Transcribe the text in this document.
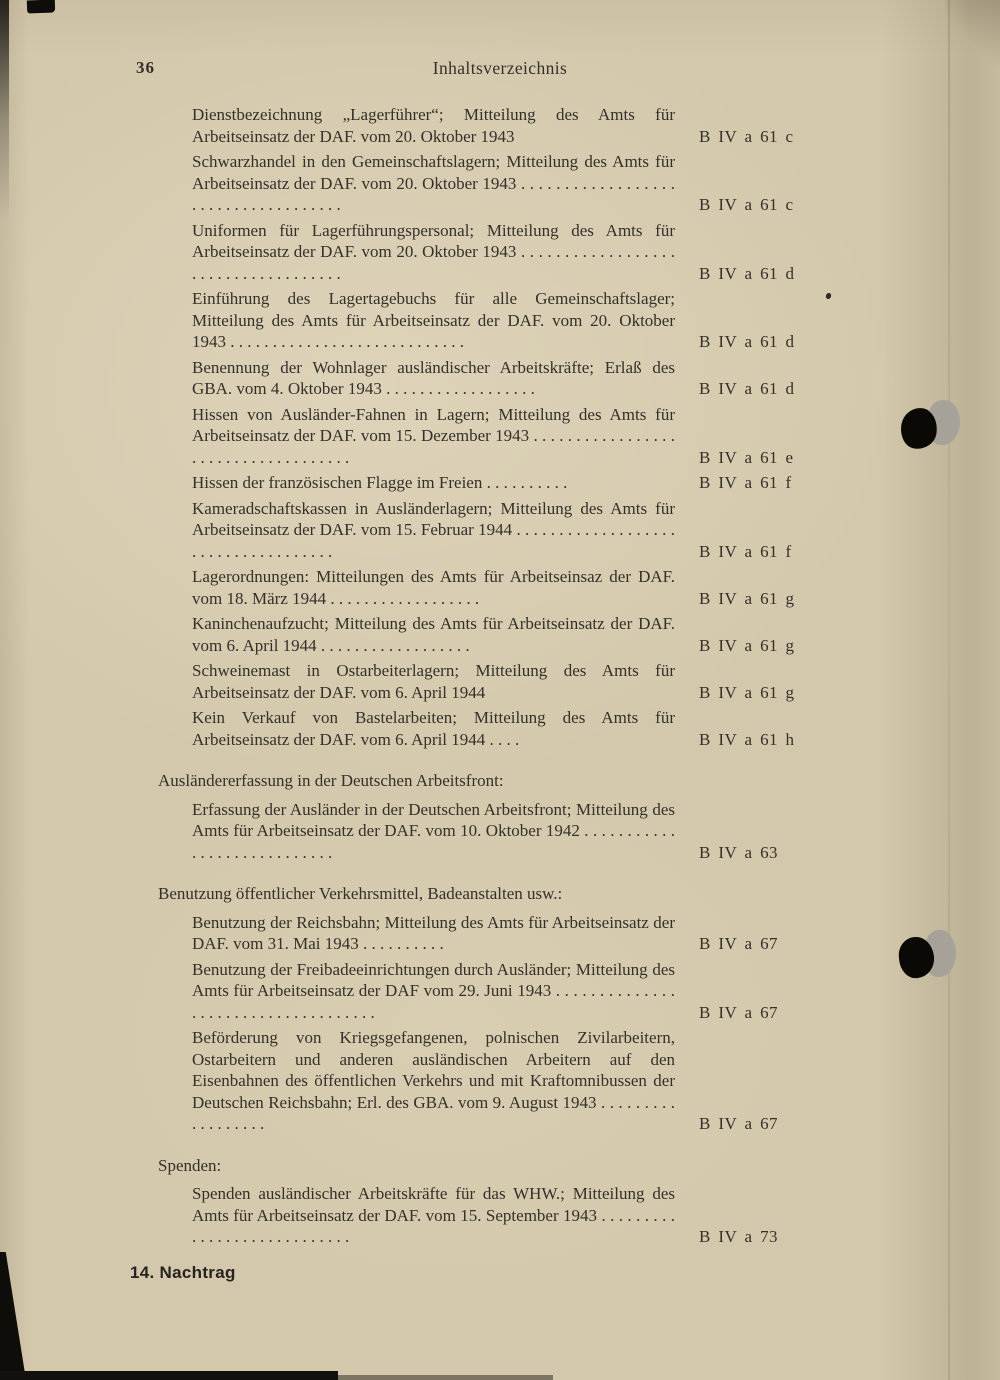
36	Inhaltsverzeichnis
Dienstbezeichnung „Lagerführer“; Mitteilung des Amts für Arbeitseinsatz der DAF. vom 20. Oktober 1943	B IV a 61 c
Schwarzhandel in den Gemeinschaftslagern; Mitteilung des Amts für Arbeitseinsatz der DAF. vom 20. Oktober 1943 . . . . . . . . . . . . . . . . . . . . . . . . . . . . . . . . . . . .	B IV a 61 c
Uniformen für Lagerführungspersonal; Mitteilung des Amts für Arbeitseinsatz der DAF. vom 20. Oktober 1943 . . . . . . . . . . . . . . . . . . . . . . . . . . . . . . . . . . . .	B IV a 61 d
Einführung des Lagertagebuchs für alle Gemeinschaftslager; Mitteilung des Amts für Arbeitseinsatz der DAF. vom 20. Oktober 1943 . . . . . . . . . . . . . . . . . . . . . . . . . . . .	B IV a 61 d
Benennung der Wohnlager ausländischer Arbeitskräfte; Erlaß des GBA. vom 4. Oktober 1943 . . . . . . . . . . . . . . . . . .	B IV a 61 d
Hissen von Ausländer-Fahnen in Lagern; Mitteilung des Amts für Arbeitseinsatz der DAF. vom 15. Dezember 1943 . . . . . . . . . . . . . . . . . . . . . . . . . . . . . . . . . . . .	B IV a 61 e
Hissen der französischen Flagge im Freien . . . . . . . . . .	B IV a 61 f
Kameradschaftskassen in Ausländerlagern; Mitteilung des Amts für Arbeitseinsatz der DAF. vom 15. Februar 1944 . . . . . . . . . . . . . . . . . . . . . . . . . . . . . . . . . . . .	B IV a 61 f
Lagerordnungen: Mitteilungen des Amts für Arbeitseinsaz der DAF. vom 18. März 1944 . . . . . . . . . . . . . . . . . .	B IV a 61 g
Kaninchenaufzucht; Mitteilung des Amts für Arbeitseinsatz der DAF. vom 6. April 1944 . . . . . . . . . . . . . . . . . .	B IV a 61 g
Schweinemast in Ostarbeiterlagern; Mitteilung des Amts für Arbeitseinsatz der DAF. vom 6. April 1944	B IV a 61 g
Kein Verkauf von Bastelarbeiten; Mitteilung des Amts für Arbeitseinsatz der DAF. vom 6. April 1944 . . . .	B IV a 61 h
Ausländererfassung in der Deutschen Arbeitsfront:
Erfassung der Ausländer in der Deutschen Arbeitsfront; Mitteilung des Amts für Arbeitseinsatz der DAF. vom 10. Oktober 1942 . . . . . . . . . . . . . . . . . . . . . . . . . . . .	B IV a 63
Benutzung öffentlicher Verkehrsmittel, Badeanstalten usw.:
Benutzung der Reichsbahn; Mitteilung des Amts für Arbeitseinsatz der DAF. vom 31. Mai 1943 . . . . . . . . . .	B IV a 67
Benutzung der Freibadeeinrichtungen durch Ausländer; Mitteilung des Amts für Arbeitseinsatz der DAF vom 29. Juni 1943 . . . . . . . . . . . . . . . . . . . . . . . . . . . . . . . . . . . .	B IV a 67
Beförderung von Kriegsgefangenen, polnischen Zivilarbeitern, Ostarbeitern und anderen ausländischen Arbeitern auf den Eisenbahnen des öffentlichen Verkehrs und mit Kraftomnibussen der Deutschen Reichsbahn; Erl. des GBA. vom 9. August 1943 . . . . . . . . . . . . . . . . . .	B IV a 67
Spenden:
Spenden ausländischer Arbeitskräfte für das WHW.; Mitteilung des Amts für Arbeitseinsatz der DAF. vom 15. September 1943 . . . . . . . . . . . . . . . . . . . . . . . . . . . .	B IV a 73
14. Nachtrag
